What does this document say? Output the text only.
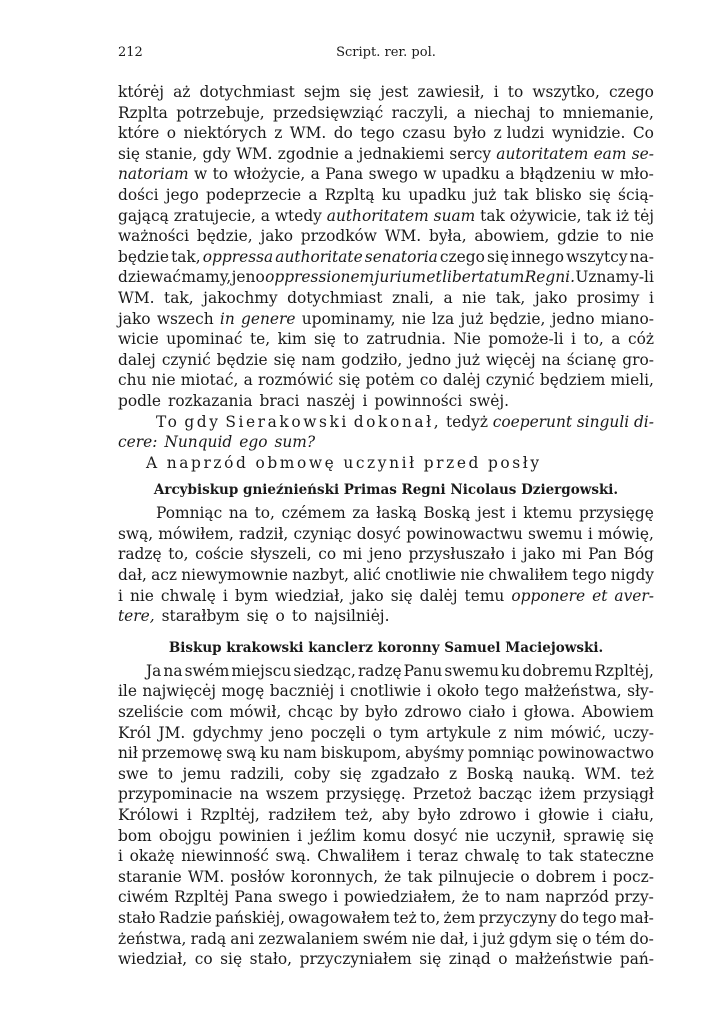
212	Script. rer. pol.
którėj aż dotychmiast sejm się jest zawiesił, i to wszytko, czego
Rzplta potrzebuje, przedsięwziąć raczyli, a niechaj to mniemanie,
które o niektórych z WM. do tego czasu było z ludzi wynidzie. Co
się stanie, gdy WM. zgodnie a jednakiemi sercy autoritatem eam se-
natoriam w to włożycie, a Pana swego w upadku a błądzeniu w mło-
dości jego podeprzecie a Rzpltą ku upadku już tak blisko się ścią-
gającą zratujecie, a wtedy authoritatem suam tak ożywicie, tak iż tėj
ważności będzie, jako przodków WM. była, abowiem, gdzie to nie
będzie tak, oppressa authoritate senatoria czego się innego wszytcy na-
dziewać mamy, jeno oppressionem jurium et libertatum Regni. Uznamy-li
WM. tak, jakochmy dotychmiast znali, a nie tak, jako prosimy i
jako wszech in genere upominamy, nie lza już będzie, jedno miano-
wicie upominać te, kim się to zatrudnia. Nie pomoże-li i to, a cóż
dalej czynić będzie się nam godziło, jedno już więcėj na ścianę gro-
chu nie miotać, a rozmówić się potėm co dalėj czynić będziem mieli,
podle rozkazania braci naszėj i powinności swėj.
To gdy Sierakowski dokonał, tedyż coeperunt singuli di-
cere: Nunquid ego sum?
A naprzód obmowę uczynił przed posły
Arcybiskup gnieźnieński Primas Regni Nicolaus Dziergowski.
Pomniąc na to, czémem za łaską Boską jest i ktemu przysięgę
swą, mówiłem, radził, czyniąc dosyć powinowactwu swemu i mówię,
radzę to, coście słyszeli, co mi jeno przysłuszało i jako mi Pan Bóg
dał, acz niewymownie nazbyt, alić cnotliwie nie chwaliłem tego nigdy
i nie chwalę i bym wiedział, jako się dalėj temu opponere et aver-
tere, starałbym się o to najsilniėj.
Biskup krakowski kanclerz koronny Samuel Maciejowski.
Ja na swém miejscu siedząc, radzę Panu swemu ku dobremu Rzpltėj,
ile najwięcėj mogę baczniėj i cnotliwie i około tego małżeństwa, sły-
szeliście com mówił, chcąc by było zdrowo ciało i głowa. Abowiem
Król JM. gdychmy jeno poczęli o tym artykule z nim mówić, uczy-
nił przemowę swą ku nam biskupom, abyśmy pomniąc powinowactwo
swe to jemu radzili, coby się zgadzało z Boską nauką. WM. też
przypominacie na wszem przysięgę. Przetoż bacząc iżem przysiągł
Królowi i Rzpltėj, radziłem też, aby było zdrowo i głowie i ciału,
bom obojgu powinien i jeźlim komu dosyć nie uczynił, sprawię się
i okażę niewinność swą. Chwaliłem i teraz chwalę to tak stateczne
staranie WM. posłów koronnych, że tak pilnujecie o dobrem i pocz-
ciwém Rzpltėj Pana swego i powiedziałem, że to nam naprzód przy-
stało Radzie pańskiėj, owagowałem też to, żem przyczyny do tego mał-
żeństwa, radą ani zezwalaniem swém nie dał, i już gdym się o tém do-
wiedział, co się stało, przyczyniałem się zinąd o małżeństwie pań-
